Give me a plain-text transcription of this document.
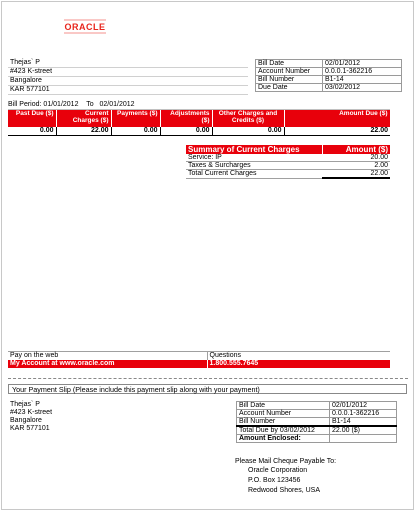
ORACLE
Thejas` P
#423 K-street
Bangalore
KAR 577101
Bill Date	02/01/2012
Account Number	0.0.0.1-362216
Bill Number	B1-14
Due Date	03/02/2012
Bill Period: 01/01/2012 To 02/01/2012
Past Due ($)	Current Charges ($)	Payments ($)	Adjustments ($)	Other Charges and Credits ($)	Amount Due ($)
0.00	22.00	0.00	0.00	0.00	22.00
Summary of Current Charges	Amount ($)
Service: IP	20.00
Taxes & Surcharges	2.00
Total Current Charges	22.00
Pay on the web	Questions
My Account at www.oracle.com	1.800.555.7645
Your Payment Slip (Please include this payment slip along with your payment)
Thejas` P
#423 K-street
Bangalore
KAR 577101
Bill Date	02/01/2012
Account Number	0.0.0.1-362216
Bill Number	B1-14
Total Due by 03/02/2012	22.00 ($)
Amount Enclosed:	
Please Mail Cheque Payable To:
Oracle Corporation
P.O. Box 123456
Redwood Shores, USA
